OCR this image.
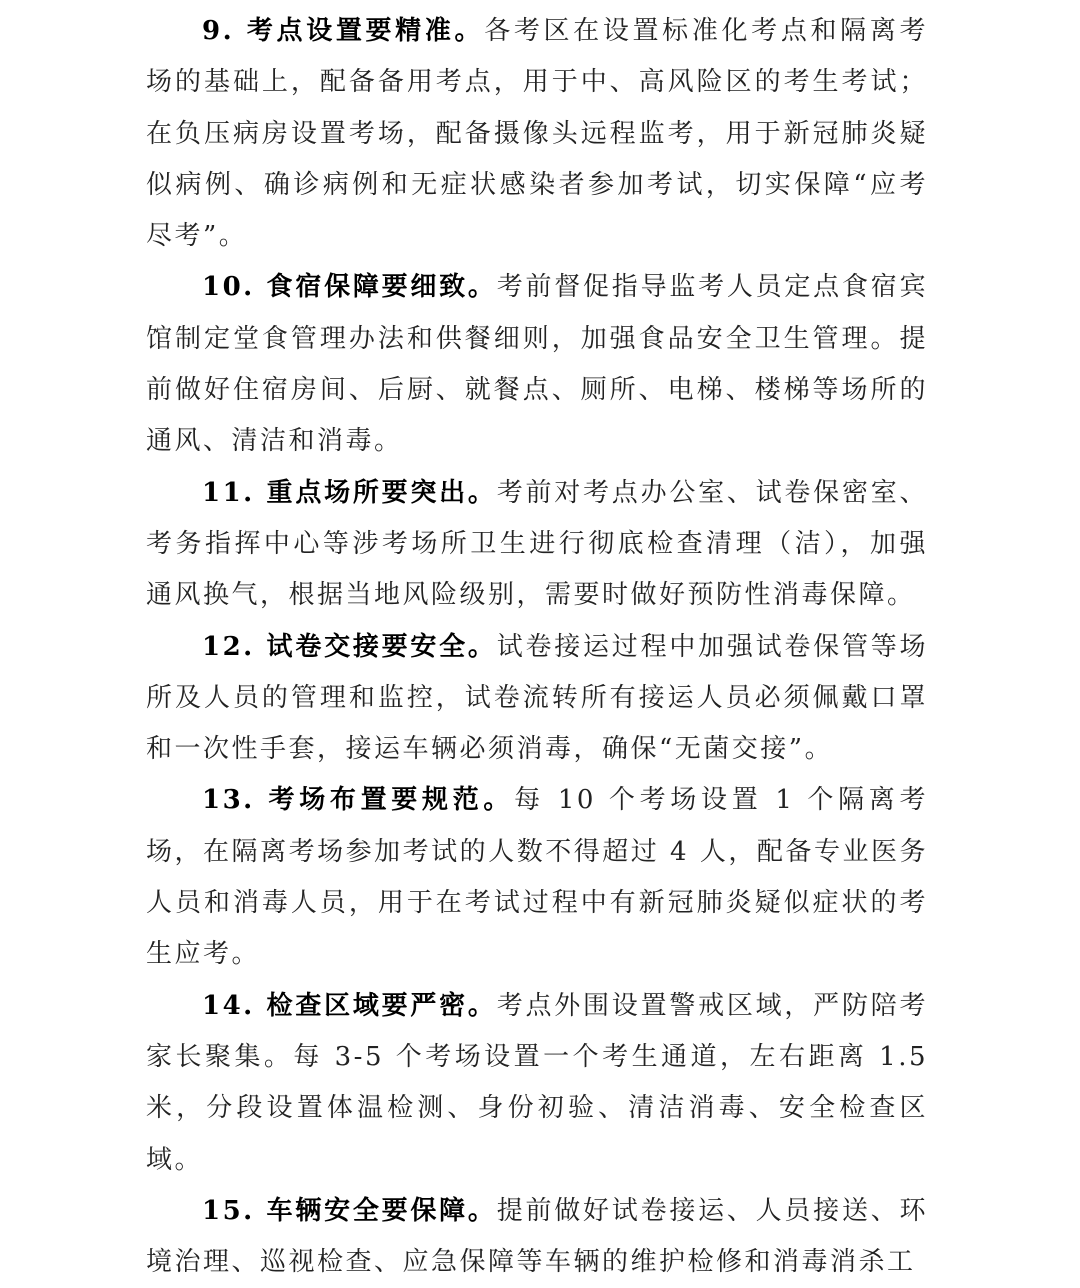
9. 考点设置要精准。各考区在设置标准化考点和隔离考场的基础上，配备备用考点，用于中、高风险区的考生考试；在负压病房设置考场，配备摄像头远程监考，用于新冠肺炎疑似病例、确诊病例和无症状感染者参加考试，切实保障“应考尽考”。

10. 食宿保障要细致。考前督促指导监考人员定点食宿宾馆制定堂食管理办法和供餐细则，加强食品安全卫生管理。提前做好住宿房间、后厨、就餐点、厕所、电梯、楼梯等场所的通风、清洁和消毒。

11. 重点场所要突出。考前对考点办公室、试卷保密室、考务指挥中心等涉考场所卫生进行彻底检查清理（洁），加强通风换气，根据当地风险级别，需要时做好预防性消毒保障。

12. 试卷交接要安全。试卷接运过程中加强试卷保管等场所及人员的管理和监控，试卷流转所有接运人员必须佩戴口罩和一次性手套，接运车辆必须消毒，确保“无菌交接”。

13. 考场布置要规范。每 10 个考场设置 1 个隔离考场，在隔离考场参加考试的人数不得超过 4 人，配备专业医务人员和消毒人员，用于在考试过程中有新冠肺炎疑似症状的考生应考。

14. 检查区域要严密。考点外围设置警戒区域，严防陪考家长聚集。每 3-5 个考场设置一个考生通道，左右距离 1.5 米，分段设置体温检测、身份初验、清洁消毒、安全检查区域。

15. 车辆安全要保障。提前做好试卷接运、人员接送、环境治理、巡视检查、应急保障等车辆的维护检修和消毒消杀工
